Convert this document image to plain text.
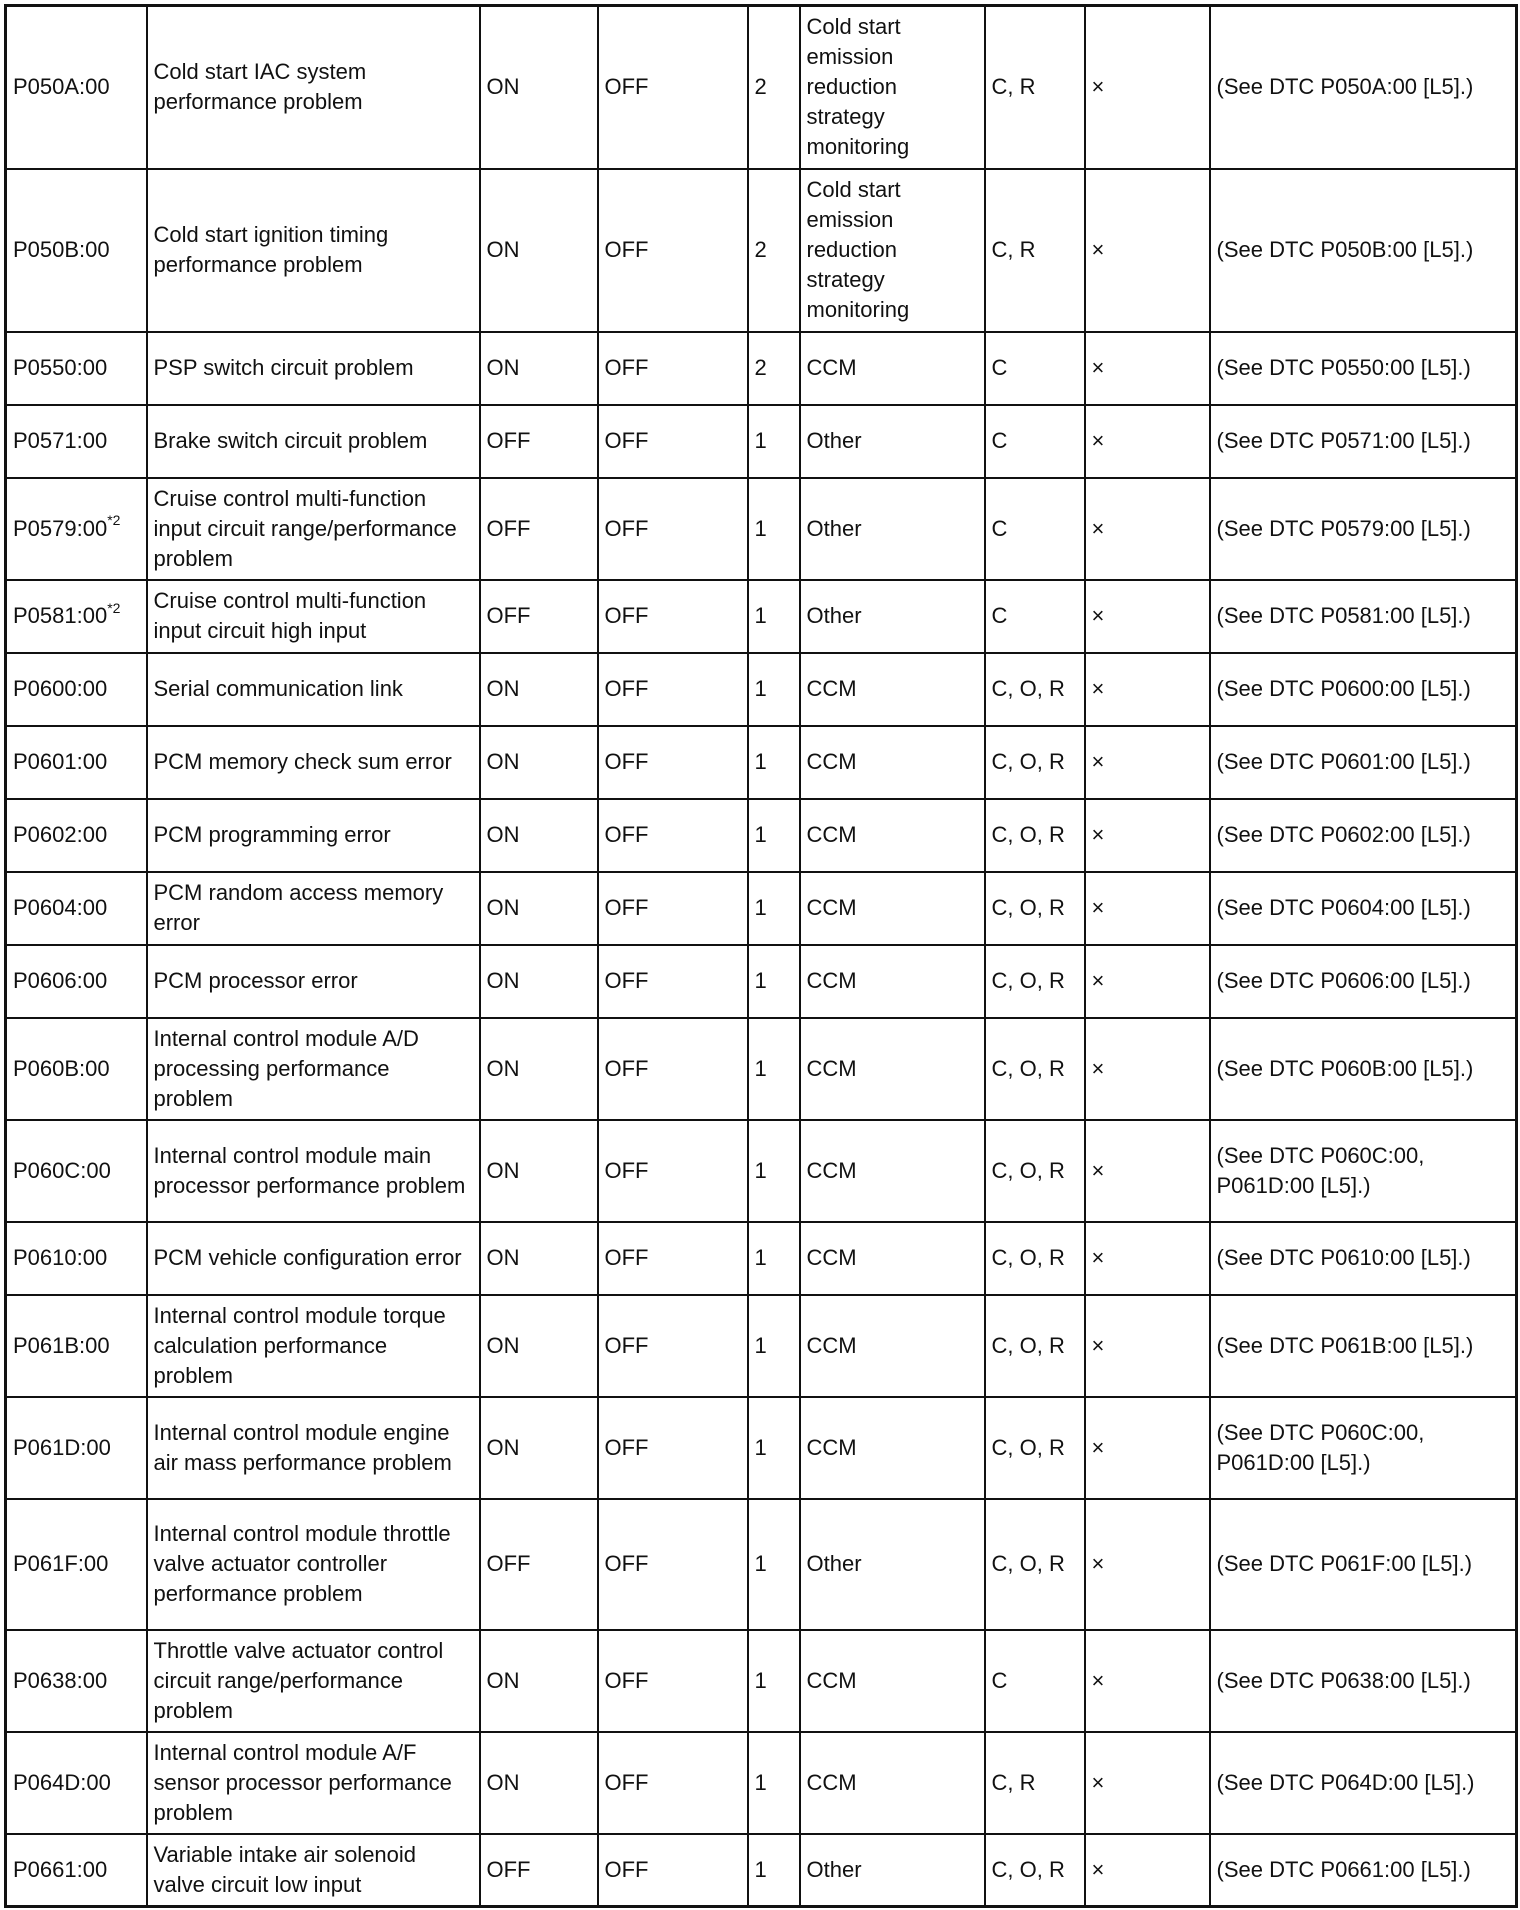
P050A:00	Cold start IAC system performance problem	ON	OFF	2	Cold start emission reduction strategy monitoring	C, R	×	(See DTC P050A:00 [L5].)
P050B:00	Cold start ignition timing performance problem	ON	OFF	2	Cold start emission reduction strategy monitoring	C, R	×	(See DTC P050B:00 [L5].)
P0550:00	PSP switch circuit problem	ON	OFF	2	CCM	C	×	(See DTC P0550:00 [L5].)
P0571:00	Brake switch circuit problem	OFF	OFF	1	Other	C	×	(See DTC P0571:00 [L5].)
P0579:00$^{*2}$	Cruise control multi-function input circuit range/performance problem	OFF	OFF	1	Other	C	×	(See DTC P0579:00 [L5].)
P0581:00$^{*2}$	Cruise control multi-function input circuit high input	OFF	OFF	1	Other	C	×	(See DTC P0581:00 [L5].)
P0600:00	Serial communication link	ON	OFF	1	CCM	C, O, R	×	(See DTC P0600:00 [L5].)
P0601:00	PCM memory check sum error	ON	OFF	1	CCM	C, O, R	×	(See DTC P0601:00 [L5].)
P0602:00	PCM programming error	ON	OFF	1	CCM	C, O, R	×	(See DTC P0602:00 [L5].)
P0604:00	PCM random access memory error	ON	OFF	1	CCM	C, O, R	×	(See DTC P0604:00 [L5].)
P0606:00	PCM processor error	ON	OFF	1	CCM	C, O, R	×	(See DTC P0606:00 [L5].)
P060B:00	Internal control module A/D processing performance problem	ON	OFF	1	CCM	C, O, R	×	(See DTC P060B:00 [L5].)
P060C:00	Internal control module main processor performance problem	ON	OFF	1	CCM	C, O, R	×	(See DTC P060C:00, P061D:00 [L5].)
P0610:00	PCM vehicle configuration error	ON	OFF	1	CCM	C, O, R	×	(See DTC P0610:00 [L5].)
P061B:00	Internal control module torque calculation performance problem	ON	OFF	1	CCM	C, O, R	×	(See DTC P061B:00 [L5].)
P061D:00	Internal control module engine air mass performance problem	ON	OFF	1	CCM	C, O, R	×	(See DTC P060C:00, P061D:00 [L5].)
P061F:00	Internal control module throttle valve actuator controller performance problem	OFF	OFF	1	Other	C, O, R	×	(See DTC P061F:00 [L5].)
P0638:00	Throttle valve actuator control circuit range/performance problem	ON	OFF	1	CCM	C	×	(See DTC P0638:00 [L5].)
P064D:00	Internal control module A/F sensor processor performance problem	ON	OFF	1	CCM	C, R	×	(See DTC P064D:00 [L5].)
P0661:00	Variable intake air solenoid valve circuit low input	OFF	OFF	1	Other	C, O, R	×	(See DTC P0661:00 [L5].)
